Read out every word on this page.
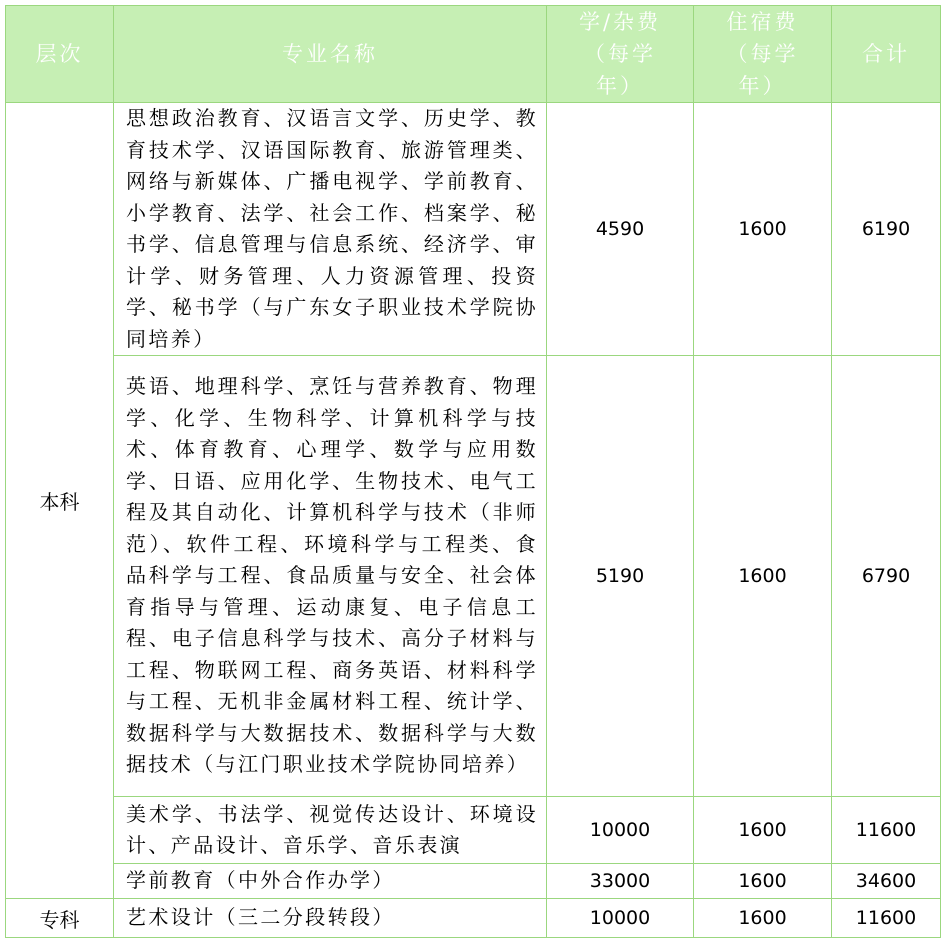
层次	专业名称	学/杂费（每学年）	住宿费（每学年）	合计
本科	思想政治教育、汉语言文学、历史学、教育技术学、汉语国际教育、旅游管理类、网络与新媒体、广播电视学、学前教育、小学教育、法学、社会工作、档案学、秘书学、信息管理与信息系统、经济学、审计学、财务管理、人力资源管理、投资学、秘书学（与广东女子职业技术学院协同培养）	4590	1600	6190
	英语、地理科学、烹饪与营养教育、物理学、化学、生物科学、计算机科学与技术、体育教育、心理学、数学与应用数学、日语、应用化学、生物技术、电气工程及其自动化、计算机科学与技术（非师范）、软件工程、环境科学与工程类、食品科学与工程、食品质量与安全、社会体育指导与管理、运动康复、电子信息工程、电子信息科学与技术、高分子材料与工程、物联网工程、商务英语、材料科学与工程、无机非金属材料工程、统计学、数据科学与大数据技术、数据科学与大数据技术（与江门职业技术学院协同培养）	5190	1600	6790
	美术学、书法学、视觉传达设计、环境设计、产品设计、音乐学、音乐表演	10000	1600	11600
	学前教育（中外合作办学）	33000	1600	34600
专科	艺术设计（三二分段转段）	10000	1600	11600
